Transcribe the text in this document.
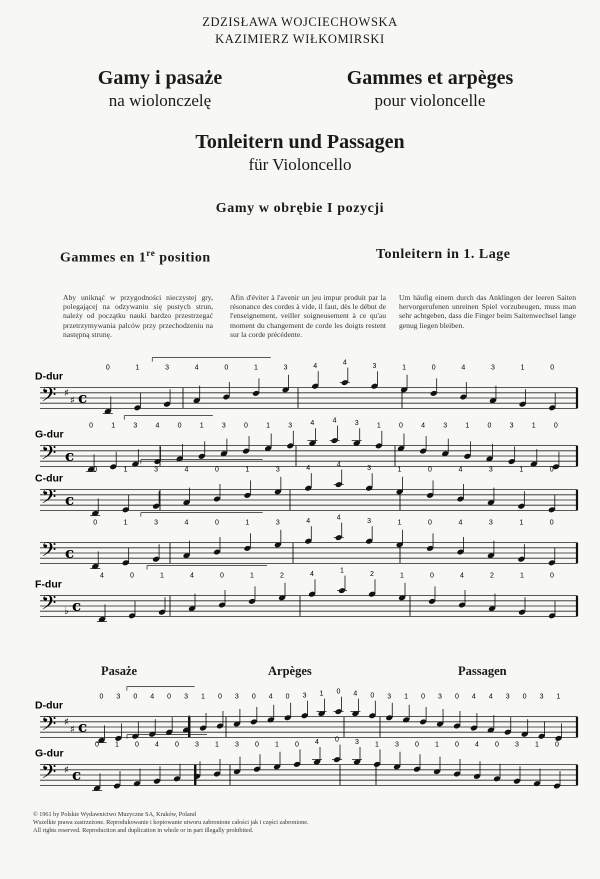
ZDZISŁAWA WOJCIECHOWSKA
KAZIMIERZ WIŁKOMIRSKI
Gamy i pasaże
na wiolonczelę
Gammes et arpèges
pour violoncelle
Tonleitern und Passagen
für Violoncello
Gamy w obrębie I pozycji
Gammes en 1re position	Tonleitern in 1. Lage
Aby uniknąć w przygodności nieczystej gry, polegającej na odzywaniu się pustych strun, należy od początku nauki bardzo przestrzegać przetrzymywania palców przy przechodzeniu na następną strunę.
Afin d'éviter à l'avenir un jeu impur produit par la résonance des cordes à vide, il faut, dès le début de l'enseignement, veiller soigneusement à ce qu'au moment du changement de corde les doigts restent sur la corde précédente.
Um häufig einem durch das Anklingen der leeren Saiten hervorgerufenen unreinen Spiel vorzubeugen, muss man sehr achtgeben, dass die Finger beim Saitenwechsel lange genug liegen bleiben.
Pasaże	Arpèges	Passagen
D-dur
𝄢 ♯
♯ c
0	1	3	4	0	1	3	4
4
3	1	0	4	3	1	0
G-dur
𝄢 c
0	1	3	4	0	1	3	0	1	3	4	4	3	1	0	4	3	1	0	3	1	0
C-dur
𝄢 c
0	1	3	4	0	1	3	4
4
3	1	0	4	3	1	0
𝄢 c
0	1	3	4	0	1	3	4
4
3	1	0	4	3	1	0
F-dur
𝄢 ♭ c
4	0	1	4	0	1	2	4
1
2	1	0	4	2	1	0
D-dur
𝄢 ♯
♯ c
0 3 0 4 0 3 1 0 3 0 4 0 3 1 0 4 0 3 1 0 3 0 4 4 3 0 3 1
G-dur
𝄢 ♯ c
0 1 0 4 0 3 1 3 0 1 0 4 0 3 1 3 0 1 0 4 0 3 1 0
© 1961 by Polskie Wydawnictwo Muzyczne SA, Kraków, Poland
Wszelkie prawa zastrzeżone. Reprodukowanie i kopiowanie utworu zabronione całości jak i części zabronione.
All rights reserved. Reproduction and duplication in whole or in part illegally prohibited.
